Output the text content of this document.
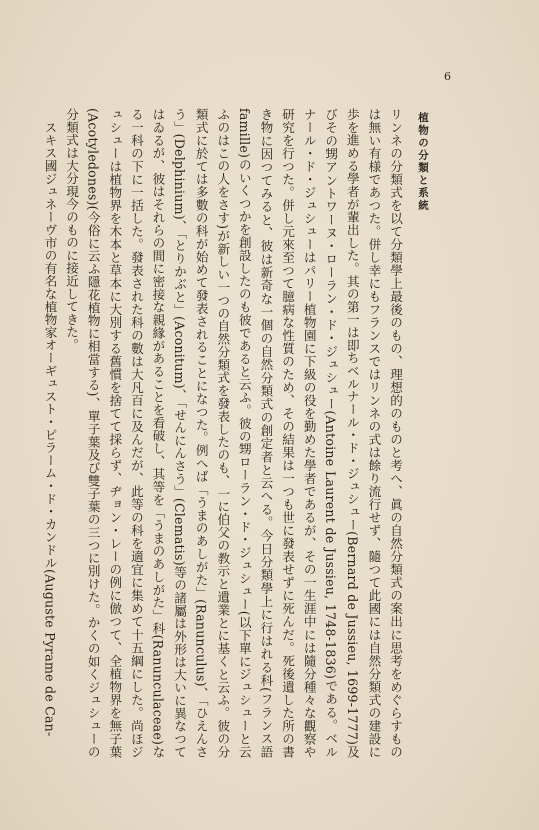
6
植物の分類と系統

リンネの分類式を以て分類學上最後のもの、理想的のものと考へ、眞の自然分類式の案出に思考をめぐらすものは無い有様であつた。併し幸にもフランスではリンネの式は餘り流行せず、隨つて此國には自然分類式の建設に歩を進める學者が輩出した。其の第一は即ちベルナール・ド・ジュシュー(Bernard de Jussieu, 1699-1777)及びその甥アントワーヌ・ローラン・ド・ジュシュー(Antoine Laurent de Jussieu, 1748-1836)である。ベルナール・ド・ジュシューはパリー植物園に下級の役を勤めた學者であるが、その一生涯中には隨分種々な觀察や研究を行つた。併し元來至つて臆病な性質のため、その結果は一つも世に發表せずに死んだ。死後遺した所の書き物に因つてみると、彼は新奇な一個の自然分類式の創定者と云へる。今日分類學上に行はれる科(フランス語famille)のいくつかを創設したのも彼であると云ふ。彼の甥ローラン・ド・ジュシュー(以下單にジュシューと云ふのはこの人をさす)が新しい一つの自然分類式を發表したのも、一に伯父の教示と遺業とに基くと云ふ。彼の分類式に於ては多數の科が始めて發表されることになつた。例へば「うまのあしがた」(Ranunculus)、「ひえんさう」(Delphinium)、「とりかぶと」(Aconitum)、「せんにんさう」(Clematis)等の諸屬は外形は大いに異なつてはゐるが、彼はそれらの間に密接な親緣があることを看破し、其等を「うまのあしがた」科(Ranunculaceae)なる一科の下に一括した。發表された科の數は大凡百に及んだが、此等の科を適宜に集めて十五綱にした。尚ほジュシューは植物界を木本と草本に大別する舊慣を捨てて採らず、ヂョン・レーの例に倣つて、全植物界を無子葉(Acotyledones)(今俗に云ふ隱花植物に相當する)、單子葉及び雙子葉の三つに別けた。かくの如くジュシューの分類式は大分現今のものに接近してきた。

スキス國ジュネーヴ市の有名な植物家オーギュスト・ピラーム・ド・カンドル(Auguste Pyrame de Can-
